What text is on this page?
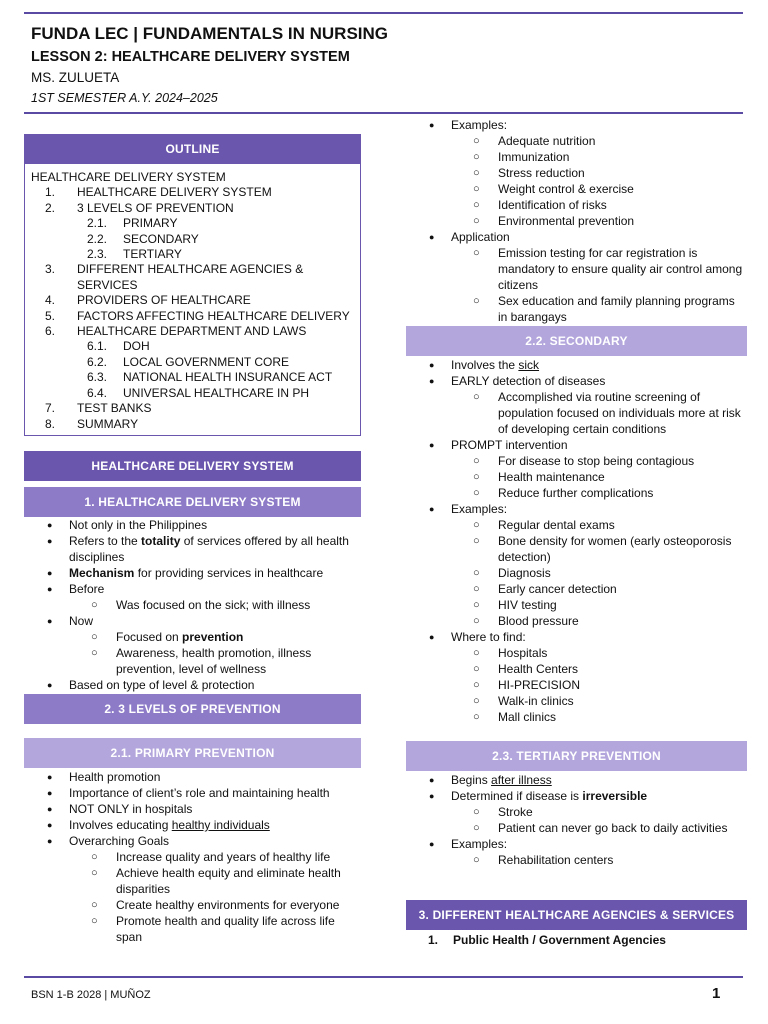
FUNDA LEC | FUNDAMENTALS IN NURSING
LESSON 2: HEALTHCARE DELIVERY SYSTEM
MS. ZULUETA
1ST SEMESTER A.Y. 2024–2025
OUTLINE
HEALTHCARE DELIVERY SYSTEM
1.	HEALTHCARE DELIVERY SYSTEM
2.	3 LEVELS OF PREVENTION
2.1.	PRIMARY
2.2.	SECONDARY
2.3.	TERTIARY
3.	DIFFERENT HEALTHCARE AGENCIES & SERVICES
4.	PROVIDERS OF HEALTHCARE
5.	FACTORS AFFECTING HEALTHCARE DELIVERY
6.	HEALTHCARE DEPARTMENT AND LAWS
6.1.	DOH
6.2.	LOCAL GOVERNMENT CORE
6.3.	NATIONAL HEALTH INSURANCE ACT
6.4.	UNIVERSAL HEALTHCARE IN PH
7.	TEST BANKS
8.	SUMMARY
HEALTHCARE DELIVERY SYSTEM
1. HEALTHCARE DELIVERY SYSTEM
● Not only in the Philippines
● Refers to the totality of services offered by all health disciplines
● Mechanism for providing services in healthcare
● Before
○ Was focused on the sick; with illness
● Now
○ Focused on prevention
○ Awareness, health promotion, illness prevention, level of wellness
● Based on type of level & protection
2. 3 LEVELS OF PREVENTION
2.1. PRIMARY PREVENTION
● Health promotion
● Importance of client’s role and maintaining health
● NOT ONLY in hospitals
● Involves educating healthy individuals
● Overarching Goals
○ Increase quality and years of healthy life
○ Achieve health equity and eliminate health disparities
○ Create healthy environments for everyone
○ Promote health and quality life across life span
● Examples:
○ Adequate nutrition
○ Immunization
○ Stress reduction
○ Weight control & exercise
○ Identification of risks
○ Environmental prevention
● Application
○ Emission testing for car registration is mandatory to ensure quality air control among citizens
○ Sex education and family planning programs in barangays
2.2. SECONDARY
● Involves the sick
● EARLY detection of diseases
○ Accomplished via routine screening of population focused on individuals more at risk of developing certain conditions
● PROMPT intervention
○ For disease to stop being contagious
○ Health maintenance
○ Reduce further complications
● Examples:
○ Regular dental exams
○ Bone density for women (early osteoporosis detection)
○ Diagnosis
○ Early cancer detection
○ HIV testing
○ Blood pressure
● Where to find:
○ Hospitals
○ Health Centers
○ HI-PRECISION
○ Walk-in clinics
○ Mall clinics
2.3. TERTIARY PREVENTION
● Begins after illness
● Determined if disease is irreversible
○ Stroke
○ Patient can never go back to daily activities
● Examples:
○ Rehabilitation centers
3. DIFFERENT HEALTHCARE AGENCIES & SERVICES
1.	Public Health / Government Agencies
BSN 1-B 2028 | MUÑOZ	1
